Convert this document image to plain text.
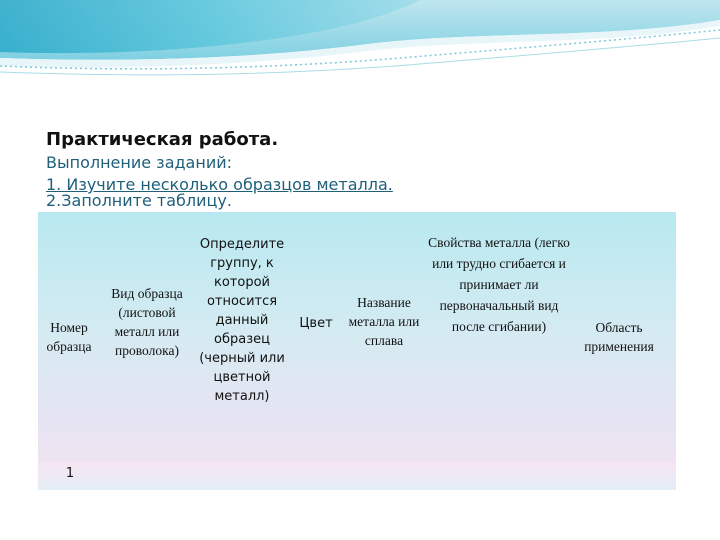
Практическая работа.
Выполнение заданий:
1. Изучите несколько образцов металла.
2.Заполните таблицу.
Номер образца
Вид образца (листовой металл или проволока)
Определите группу, к которой относится данный образец (черный или цветной металл)
Цвет
Название металла или сплава
Свойства металла (легко или трудно сгибается и принимает ли первоначальный вид после сгибании)	Область применения
1
